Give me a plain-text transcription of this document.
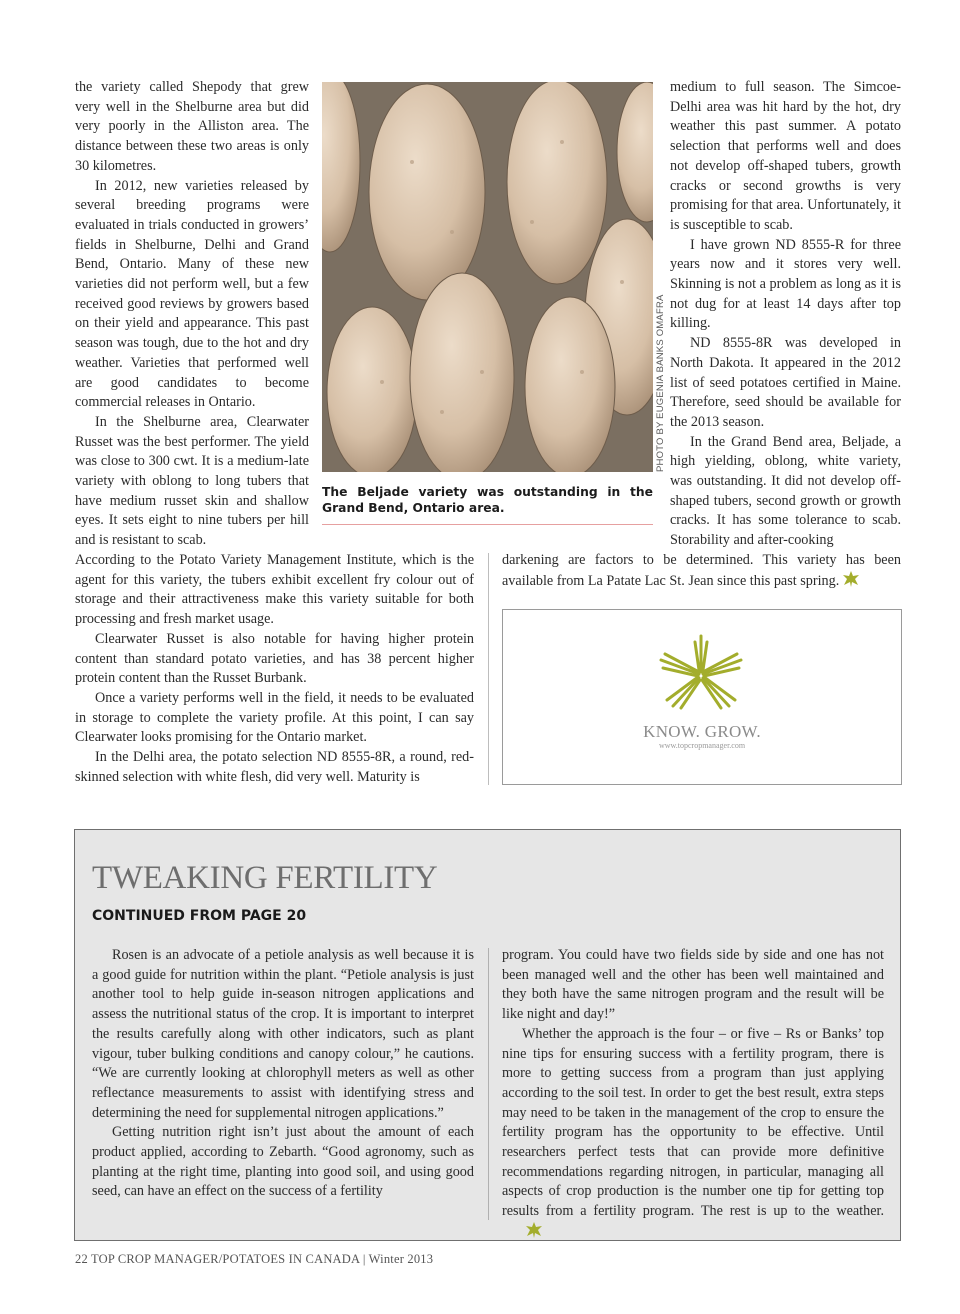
the variety called Shepody that grew very well in the Shelburne area but did very poorly in the Alliston area. The distance between these two areas is only 30 kilometres.

In 2012, new varieties released by several breeding programs were evaluated in trials conducted in growers’ fields in Shelburne, Delhi and Grand Bend, Ontario. Many of these new varieties did not perform well, but a few received good reviews by growers based on their yield and appearance. This past season was tough, due to the hot and dry weather. Varieties that performed well are good candidates to become commercial releases in Ontario.

In the Shelburne area, Clearwater Russet was the best performer. The yield was close to 300 cwt. It is a medium-late variety with oblong to long tubers that have medium russet skin and shallow eyes. It sets eight to nine tubers per hill and is resistant to scab.

PHOTO BY EUGENIA BANKS OMAFRA
The Beljade variety was outstanding in the Grand Bend, Ontario area.

According to the Potato Variety Management Institute, which is the agent for this variety, the tubers exhibit excellent fry colour out of storage and their attractiveness make this variety suitable for both processing and fresh market usage.

Clearwater Russet is also notable for having higher protein content than standard potato varieties, and has 38 percent higher protein content than the Russet Burbank.

Once a variety performs well in the field, it needs to be evaluated in storage to complete the variety profile. At this point, I can say Clearwater looks promising for the Ontario market.

In the Delhi area, the potato selection ND 8555-8R, a round, red-skinned selection with white flesh, did very well. Maturity is

medium to full season. The Simcoe-Delhi area was hit hard by the hot, dry weather this past summer. A potato selection that performs well and does not develop off-shaped tubers, growth cracks or second growths is very promising for that area. Unfortunately, it is susceptible to scab.

I have grown ND 8555-R for three years now and it stores very well. Skinning is not a problem as long as it is not dug for at least 14 days after top killing.

ND 8555-8R was developed in North Dakota. It appeared in the 2012 list of seed potatoes certified in Maine. Therefore, seed should be available for the 2013 season.

In the Grand Bend area, Beljade, a high yielding, oblong, white variety, was outstanding. It did not develop off-shaped tubers, second growth or growth cracks. It has some tolerance to scab. Storability and after-cooking

darkening are factors to be determined. This variety has been available from La Patate Lac St. Jean since this past spring.

KNOW. GROW.
www.topcropmanager.com
TWEAKING FERTILITY
CONTINUED FROM PAGE 20

Rosen is an advocate of a petiole analysis as well because it is a good guide for nutrition within the plant. “Petiole analysis is just another tool to help guide in-season nitrogen applications and assess the nutritional status of the crop. It is important to interpret the results carefully along with other indicators, such as plant vigour, tuber bulking conditions and canopy colour,” he cautions. “We are currently looking at chlorophyll meters as well as other reflectance measurements to assist with identifying stress and determining the need for supplemental nitrogen applications.”

Getting nutrition right isn’t just about the amount of each product applied, according to Zebarth. “Good agronomy, such as planting at the right time, planting into good soil, and using good seed, can have an effect on the success of a fertility

program. You could have two fields side by side and one has not been managed well and the other has been well maintained and they both have the same nitrogen program and the result will be like night and day!”

Whether the approach is the four – or five – Rs or Banks’ top nine tips for ensuring success with a fertility program, there is more to getting success from a program than just applying according to the soil test. In order to get the best result, extra steps may need to be taken in the management of the crop to ensure the fertility program has the opportunity to be effective. Until researchers perfect tests that can provide more definitive recommendations regarding nitrogen, in particular, managing all aspects of crop production is the number one tip for getting top results from a fertility program. The rest is up to the weather.

22 TOP CROP MANAGER/POTATOES IN CANADA | Winter 2013
